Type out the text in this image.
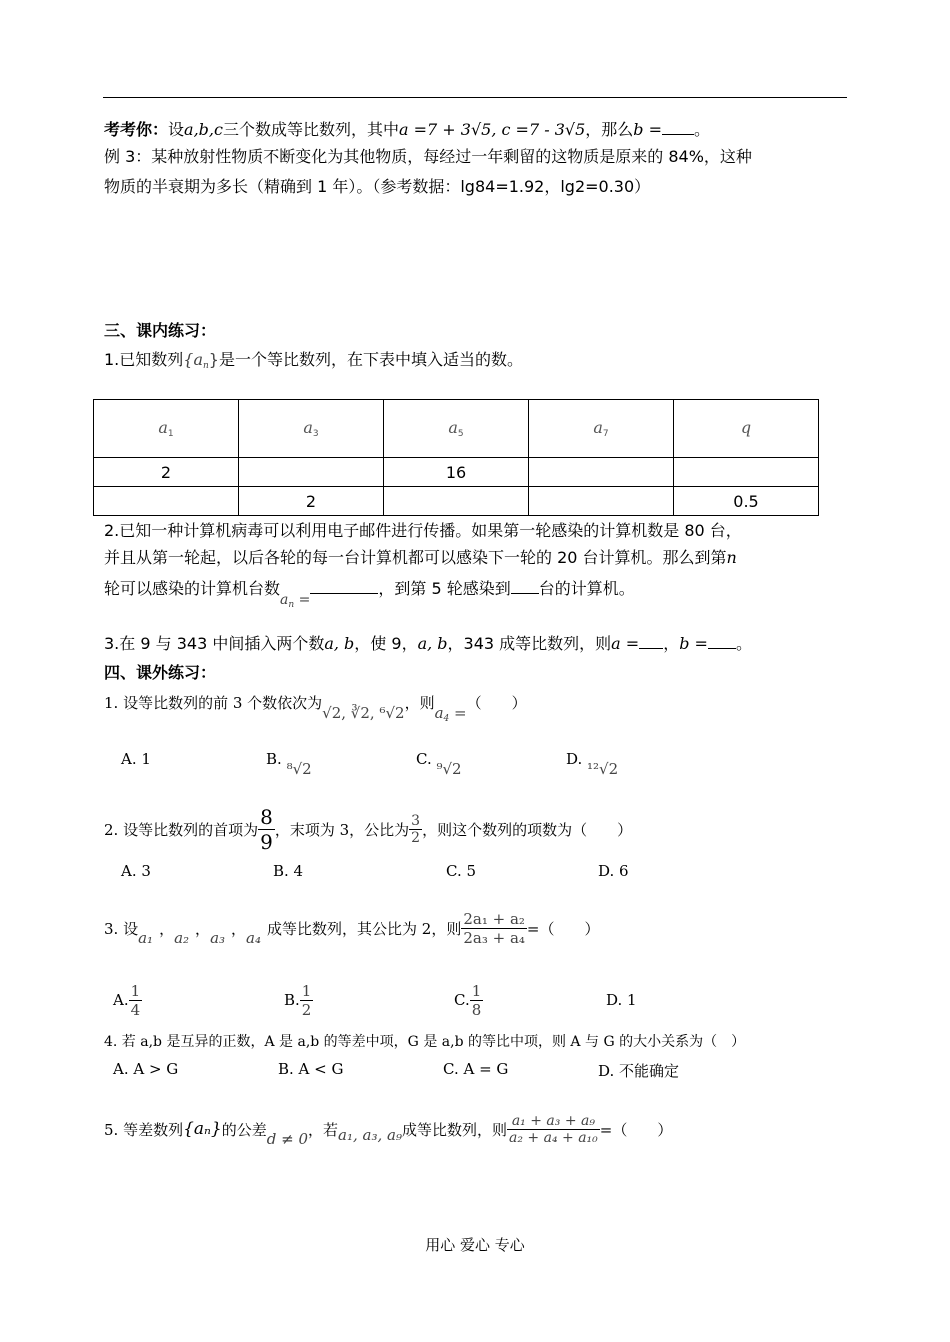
考考你：设a,b,c三个数成等比数列，其中a =7 + 3√5, c =7 - 3√5，那么b = 。
例 3：某种放射性物质不断变化为其他物质，每经过一年剩留的这物质是原来的 84%，这种
物质的半衰期为多长（精确到 1 年）。（参考数据：lg84=1.92，lg2=0.30）
三、课内练习：
1.已知数列$\{a_n\}$是一个等比数列，在下表中填入适当的数。
$a_1$	$a_3$	$a_5$	$a_7$	q
2		16		
	2			0.5
2.已知一种计算机病毒可以利用电子邮件进行传播。如果第一轮感染的计算机数是 80 台，
并且从第一轮起，以后各轮的每一台计算机都可以感染下一轮的 20 台计算机。那么到第n
轮可以感染的计算机台数$a_n$ =，到第 5 轮感染到 台的计算机。
3.在 9 与 343 中间插入两个数a, b，使 9，a, b，343 成等比数列，则a = ，b = 。
四、课外练习：
1. 设等比数列的前 3 个数依次为√2, ∛2, ⁶√2，则$a_4$ =（　　）
A. 1	B. ⁸√2
C. ⁹√2
D. ¹²√2
2. 设等比数列的首项为 $\frac{8}{9}$ ，末项为 3，公比为 $\frac{3}{2}$ ，则这个数列的项数为（　　）
A. 3	B. 4	C. 5	D. 6
3. 设
a₁
，
a₂
，
a₃
，
a₄
成等比数列，其公比为 2，则 $\frac{\text{2a₁ + a₂}}{\text{2a₃ + a₄}}$ =（　　）
A. $\frac{1}{4}$	B. $\frac{1}{2}$	C. $\frac{1}{8}$	D. 1
4. 若 a,b 是互异的正数，A 是 a,b 的等差中项，G 是 a,b 的等比中项，则 A 与 G 的大小关系为（　）
A. A > G	B. A < G	C. A = G	D. 不能确定
5. 等差数列 {aₙ} 的公差
d ≠ 0
，若 a₁, a₃, a₉ 成等比数列，则 $\frac{\text{a₁ + a₃ + a₉}}{\text{a₂ + a₄ + a₁₀}}$ =（　　）
用心 爱心 专心
